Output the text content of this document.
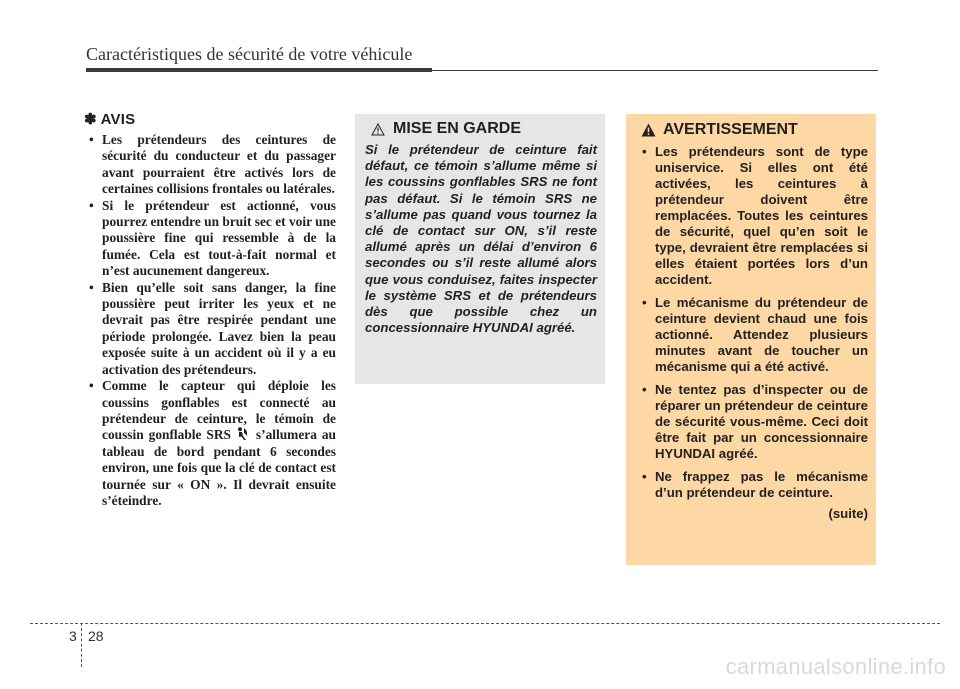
Caractéristiques de sécurité de votre véhicule
✽ AVIS
• Les prétendeurs des ceintures de sécurité du conducteur et du passager avant pourraient être activés lors de certaines collisions frontales ou latérales.
• Si le prétendeur est actionné, vous pourrez entendre un bruit sec et voir une poussière fine qui ressemble à de la fumée. Cela est tout-à-fait normal et n’est aucunement dangereux.
• Bien qu’elle soit sans danger, la fine poussière peut irriter les yeux et ne devrait pas être respirée pendant une période prolongée. Lavez bien la peau exposée suite à un accident où il y a eu activation des prétendeurs.
• Comme le capteur qui déploie les coussins gonflables est connecté au prétendeur de ceinture, le témoin de coussin gonflable SRS s’allumera au tableau de bord pendant 6 secondes environ, une fois que la clé de contact est tournée sur « ON ». Il devrait ensuite s’éteindre.
MISE EN GARDE

Si le prétendeur de ceinture fait défaut, ce témoin s’allume même si les coussins gonflables SRS ne font pas défaut. Si le témoin SRS ne s’allume pas quand vous tournez la clé de contact sur ON, s’il reste allumé après un délai d’environ 6 secondes ou s’il reste allumé alors que vous conduisez, faites inspecter le système SRS et de prétendeurs dès que possible chez un concessionnaire HYUNDAI agréé.

AVERTISSEMENT
• Les prétendeurs sont de type uniservice. Si elles ont été activées, les ceintures à prétendeur doivent être remplacées. Toutes les ceintures de sécurité, quel qu’en soit le type, devraient être remplacées si elles étaient portées lors d’un accident.
• Le mécanisme du prétendeur de ceinture devient chaud une fois actionné. Attendez plusieurs minutes avant de toucher un mécanisme qui a été activé.
• Ne tentez pas d’inspecter ou de réparer un prétendeur de ceinture de sécurité vous-même. Ceci doit être fait par un concessionnaire HYUNDAI agréé.
• Ne frappez pas le mécanisme d’un prétendeur de ceinture.
(suite)
3 28
carmanualsonline.info
